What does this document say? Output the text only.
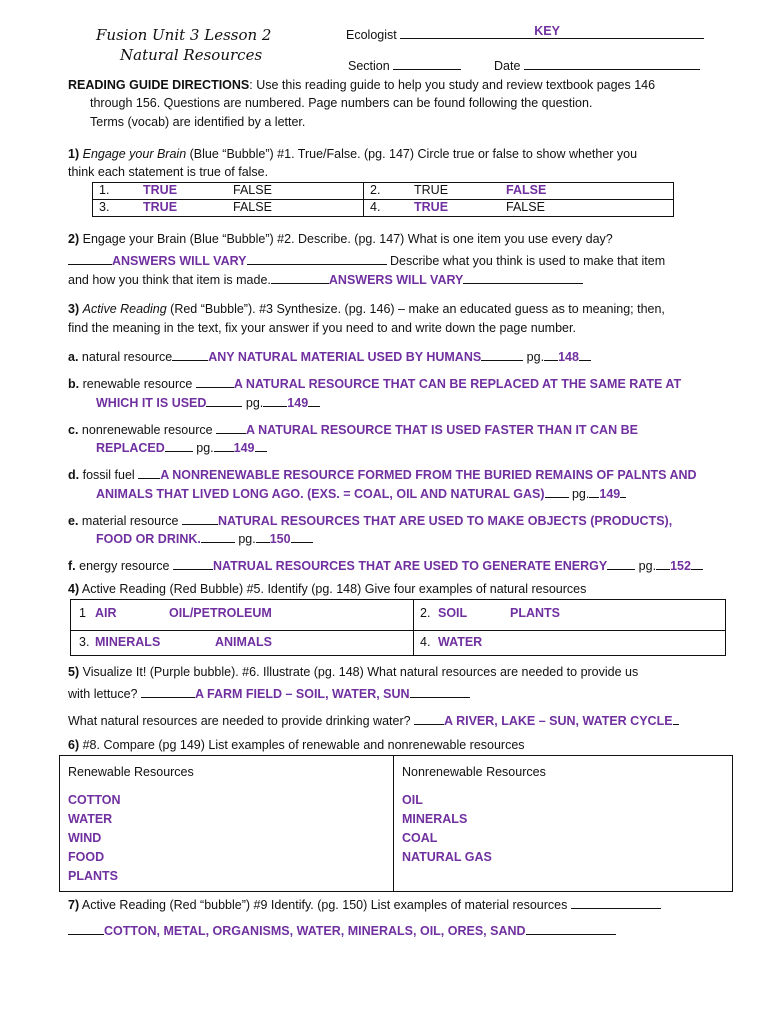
Fusion Unit 3 Lesson 2
Natural Resources
Ecologist	KEY
Section	Date
READING GUIDE DIRECTIONS: Use this reading guide to help you study and review textbook pages 146
through 156. Questions are numbered. Page numbers can be found following the question.
Terms (vocab) are identified by a letter.
1) Engage your Brain (Blue “Bubble”) #1. True/False. (pg. 147) Circle true or false to show whether you
think each statement is true of false.
1. TRUE FALSE	2. TRUE FALSE
3. TRUE FALSE	4. TRUE FALSE
2) Engage your Brain (Blue “Bubble”) #2. Describe. (pg. 147) What is one item you use every day?
ANSWERS WILL VARY	Describe what you think is used to make that item
and how you think that item is made.	ANSWERS WILL VARY
3) Active Reading (Red “Bubble”). #3 Synthesize. (pg. 146) – make an educated guess as to meaning; then,
find the meaning in the text, fix your answer if you need to and write down the page number.
a. natural resource	ANY NATURAL MATERIAL USED BY HUMANS	pg. 148
b. renewable resource	A NATURAL RESOURCE THAT CAN BE REPLACED AT THE SAME RATE AT
WHICH IT IS USED	pg. 149
c. nonrenewable resource	A NATURAL RESOURCE THAT IS USED FASTER THAN IT CAN BE
REPLACED	pg. 149
d. fossil fuel A NONRENEWABLE RESOURCE FORMED FROM THE BURIED REMAINS OF PALNTS AND
ANIMALS THAT LIVED LONG AGO. (EXS. = COAL, OIL AND NATURAL GAS) pg. 149
e. material resource	NATURAL RESOURCES THAT ARE USED TO MAKE OBJECTS (PRODUCTS),
FOOD OR DRINK.	pg. 150
f. energy resource	NATRUAL RESOURCES THAT ARE USED TO GENERATE ENERGY	pg. 152
4) Active Reading (Red Bubble) #5. Identify (pg. 148) Give four examples of natural resources
1 AIR OIL/PETROLEUM	2. SOIL PLANTS
3. MINERALS ANIMALS	4. WATER
5) Visualize It! (Purple bubble). #6. Illustrate (pg. 148) What natural resources are needed to provide us
with lettuce?	A FARM FIELD – SOIL, WATER, SUN
What natural resources are needed to provide drinking water?	A RIVER, LAKE – SUN, WATER CYCLE
6) #8. Compare (pg 149) List examples of renewable and nonrenewable resources
Renewable Resources
COTTON
WATER
WIND
FOOD
PLANTS

Nonrenewable Resources
OIL
MINERALS
COAL
NATURAL GAS
7) Active Reading (Red “bubble”) #9 Identify. (pg. 150) List examples of material resources
COTTON, METAL, ORGANISMS, WATER, MINERALS, OIL, ORES, SAND
